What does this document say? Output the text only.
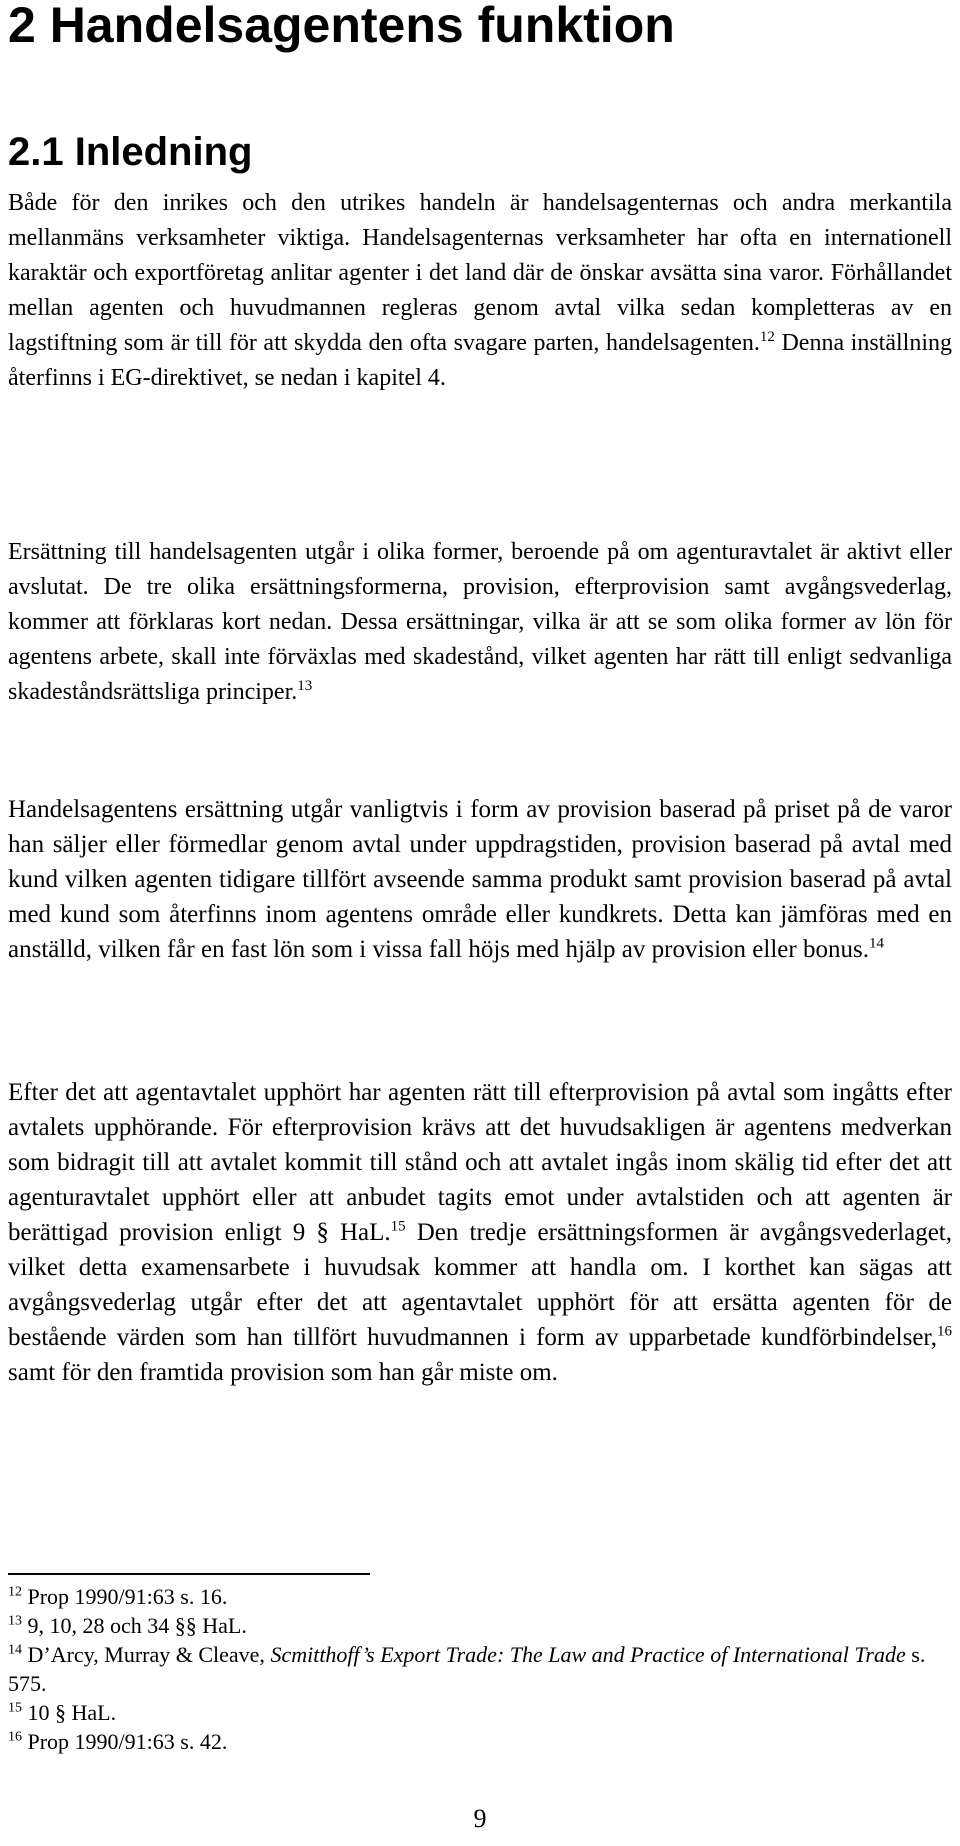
2 Handelsagentens funktion
2.1 Inledning

Både för den inrikes och den utrikes handeln är handelsagenternas och andra merkantila mellanmäns verksamheter viktiga. Handelsagenternas verksamheter har ofta en internationell karaktär och exportföretag anlitar agenter i det land där de önskar avsätta sina varor. Förhållandet mellan agenten och huvudmannen regleras genom avtal vilka sedan kompletteras av en lagstiftning som är till för att skydda den ofta svagare parten, handelsagenten.$^{12}$ Denna inställning återfinns i EG-direktivet, se nedan i kapitel 4.

Ersättning till handelsagenten utgår i olika former, beroende på om agenturavtalet är aktivt eller avslutat. De tre olika ersättningsformerna, provision, efterprovision samt avgångsvederlag, kommer att förklaras kort nedan. Dessa ersättningar, vilka är att se som olika former av lön för agentens arbete, skall inte förväxlas med skadestånd, vilket agenten har rätt till enligt sedvanliga skadeståndsrättsliga principer.$^{13}$

Handelsagentens ersättning utgår vanligtvis i form av provision baserad på priset på de varor han säljer eller förmedlar genom avtal under uppdragstiden, provision baserad på avtal med kund vilken agenten tidigare tillfört avseende samma produkt samt provision baserad på avtal med kund som återfinns inom agentens område eller kundkrets. Detta kan jämföras med en anställd, vilken får en fast lön som i vissa fall höjs med hjälp av provision eller bonus.$^{14}$

Efter det att agentavtalet upphört har agenten rätt till efterprovision på avtal som ingåtts efter avtalets upphörande. För efterprovision krävs att det huvudsakligen är agentens medverkan som bidragit till att avtalet kommit till stånd och att avtalet ingås inom skälig tid efter det att agenturavtalet upphört eller att anbudet tagits emot under avtalstiden och att agenten är berättigad provision enligt 9 § HaL.$^{15}$ Den tredje ersättningsformen är avgångsvederlaget, vilket detta examensarbete i huvudsak kommer att handla om. I korthet kan sägas att avgångsvederlag utgår efter det att agentavtalet upphört för att ersätta agenten för de bestående värden som han tillfört huvudmannen i form av upparbetade kundförbindelser,$^{16}$ samt för den framtida provision som han går miste om.

$^{12}$ Prop 1990/91:63 s. 16.

$^{13}$ 9, 10, 28 och 34 §§ HaL.

$^{14}$ D’Arcy, Murray & Cleave, Scmitthoff’s Export Trade: The Law and Practice of International Trade s. 575.

$^{15}$ 10 § HaL.

$^{16}$ Prop 1990/91:63 s. 42.

9
